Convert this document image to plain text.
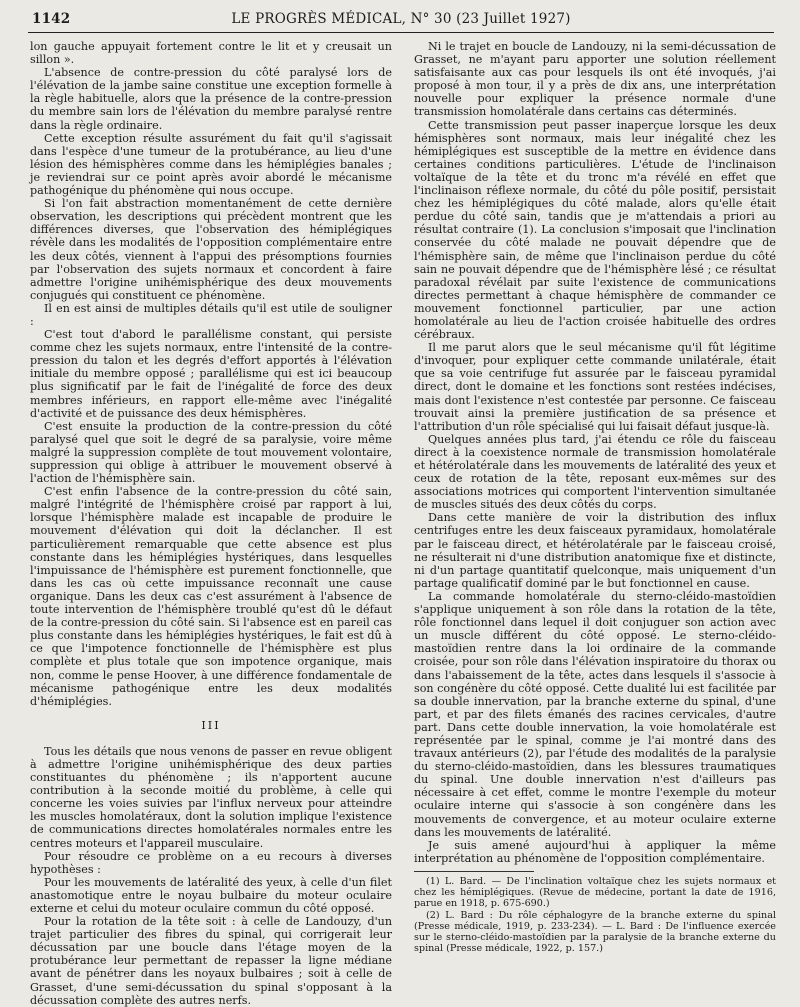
1142	LE PROGRÈS MÉDICAL, N° 30 (23 Juillet 1927)

lon gauche appuyait fortement contre le lit et y creusait un sillon ».

L'absence de contre-pression du côté paralysé lors de l'élévation de la jambe saine constitue une exception formelle à la règle habituelle, alors que la présence de la contre-pression du membre sain lors de l'élévation du membre paralysé rentre dans la règle ordinaire.

Cette exception résulte assurément du fait qu'il s'agissait dans l'espèce d'une tumeur de la protubérance, au lieu d'une lésion des hémisphères comme dans les hémiplégies banales ; je reviendrai sur ce point après avoir abordé le mécanisme pathogénique du phénomène qui nous occupe.

Si l'on fait abstraction momentanément de cette dernière observation, les descriptions qui précèdent montrent que les différences diverses, que l'observation des hémiplégiques révèle dans les modalités de l'opposition complémentaire entre les deux côtés, viennent à l'appui des présomptions fournies par l'observation des sujets normaux et concordent à faire admettre l'origine unihémisphérique des deux mouvements conjugués qui constituent ce phénomène.

Il en est ainsi de multiples détails qu'il est utile de souligner :

C'est tout d'abord le parallélisme constant, qui persiste comme chez les sujets normaux, entre l'intensité de la contre-pression du talon et les degrés d'effort apportés à l'élévation initiale du membre opposé ; parallélisme qui est ici beaucoup plus significatif par le fait de l'inégalité de force des deux membres inférieurs, en rapport elle-même avec l'inégalité d'activité et de puissance des deux hémisphères.

C'est ensuite la production de la contre-pression du côté paralysé quel que soit le degré de sa paralysie, voire même malgré la suppression complète de tout mouvement volontaire, suppression qui oblige à attribuer le mouvement observé à l'action de l'hémisphère sain.

C'est enfin l'absence de la contre-pression du côté sain, malgré l'intégrité de l'hémisphère croisé par rapport à lui, lorsque l'hémisphère malade est incapable de produire le mouvement d'élévation qui doit la déclancher. Il est particulièrement remarquable que cette absence est plus constante dans les hémiplégies hystériques, dans lesquelles l'impuissance de l'hémisphère est purement fonctionnelle, que dans les cas où cette impuissance reconnaît une cause organique. Dans les deux cas c'est assurément à l'absence de toute intervention de l'hémisphère troublé qu'est dû le défaut de la contre-pression du côté sain. Si l'absence est en pareil cas plus constante dans les hémiplégies hystériques, le fait est dû à ce que l'impotence fonctionnelle de l'hémisphère est plus complète et plus totale que son impotence organique, mais non, comme le pense Hoover, à une différence fondamentale de mécanisme pathogénique entre les deux modalités d'hémiplégies.

III

Tous les détails que nous venons de passer en revue obligent à admettre l'origine unihémisphérique des deux parties constituantes du phénomène ; ils n'apportent aucune contribution à la seconde moitié du problème, à celle qui concerne les voies suivies par l'influx nerveux pour atteindre les muscles homolatéraux, dont la solution implique l'existence de communications directes homolatérales normales entre les centres moteurs et l'appareil musculaire.

Pour résoudre ce problème on a eu recours à diverses hypothèses :

Pour les mouvements de latéralité des yeux, à celle d'un filet anastomotique entre le noyau bulbaire du moteur oculaire externe et celui du moteur oculaire commun du côté opposé.

Pour la rotation de la tête soit : à celle de Landouzy, d'un trajet particulier des fibres du spinal, qui corrigerait leur décussation par une boucle dans l'étage moyen de la protubérance leur permettant de repasser la ligne médiane avant de pénétrer dans les noyaux bulbaires ; soit à celle de Grasset, d'une semi-décussation du spinal s'opposant à la décussation complète des autres nerfs.

Ni le trajet en boucle de Landouzy, ni la semi-décussation de Grasset, ne m'ayant paru apporter une solution réellement satisfaisante aux cas pour lesquels ils ont été invoqués, j'ai proposé à mon tour, il y a près de dix ans, une interprétation nouvelle pour expliquer la présence normale d'une transmission homolatérale dans certains cas déterminés.

Cette transmission peut passer inaperçue lorsque les deux hémisphères sont normaux, mais leur inégalité chez les hémiplégiques est susceptible de la mettre en évidence dans certaines conditions particulières. L'étude de l'inclinaison voltaïque de la tête et du tronc m'a révélé en effet que l'inclinaison réflexe normale, du côté du pôle positif, persistait chez les hémiplégiques du côté malade, alors qu'elle était perdue du côté sain, tandis que je m'attendais a priori au résultat contraire (1). La conclusion s'imposait que l'inclination conservée du côté malade ne pouvait dépendre que de l'hémisphère sain, de même que l'inclinaison perdue du côté sain ne pouvait dépendre que de l'hémisphère lésé ; ce résultat paradoxal révélait par suite l'existence de communications directes permettant à chaque hémisphère de commander ce mouvement fonctionnel particulier, par une action homolatérale au lieu de l'action croisée habituelle des ordres cérébraux.

Il me parut alors que le seul mécanisme qu'il fût légitime d'invoquer, pour expliquer cette commande unilatérale, était que sa voie centrifuge fut assurée par le faisceau pyramidal direct, dont le domaine et les fonctions sont restées indécises, mais dont l'existence n'est contestée par personne. Ce faisceau trouvait ainsi la première justification de sa présence et l'attribution d'un rôle spécialisé qui lui faisait défaut jusque-là.

Quelques années plus tard, j'ai étendu ce rôle du faisceau direct à la coexistence normale de transmission homolatérale et hétérolatérale dans les mouvements de latéralité des yeux et ceux de rotation de la tête, reposant eux-mêmes sur des associations motrices qui comportent l'intervention simultanée de muscles situés des deux côtés du corps.

Dans cette manière de voir la distribution des influx centrifuges entre les deux faisceaux pyramidaux, homolatérale par le faisceau direct, et hétérolatérale par le faisceau croisé, ne résulterait ni d'une distribution anatomique fixe et distincte, ni d'un partage quantitatif quelconque, mais uniquement d'un partage qualificatif dominé par le but fonctionnel en cause.

La commande homolatérale du sterno-cléido-mastoïdien s'applique uniquement à son rôle dans la rotation de la tête, rôle fonctionnel dans lequel il doit conjuguer son action avec un muscle différent du côté opposé. Le sterno-cléido-mastoïdien rentre dans la loi ordinaire de la commande croisée, pour son rôle dans l'élévation inspiratoire du thorax ou dans l'abaissement de la tête, actes dans lesquels il s'associe à son congénère du côté opposé. Cette dualité lui est facilitée par sa double innervation, par la branche externe du spinal, d'une part, et par des filets émanés des racines cervicales, d'autre part. Dans cette double innervation, la voie homolatérale est représentée par le spinal, comme je l'ai montré dans des travaux antérieurs (2), par l'étude des modalités de la paralysie du sterno-cléido-mastoïdien, dans les blessures traumatiques du spinal. Une double innervation n'est d'ailleurs pas nécessaire à cet effet, comme le montre l'exemple du moteur oculaire interne qui s'associe à son congénère dans les mouvements de convergence, et au moteur oculaire externe dans les mouvements de latéralité.

Je suis amené aujourd'hui à appliquer la même interprétation au phénomène de l'opposition complémentaire.

(1) L. Bard. — De l'inclination voltaïque chez les sujets normaux et chez les hémiplégiques. (Revue de médecine, portant la date de 1916, parue en 1918, p. 675-690.)

(2) L. Bard : Du rôle céphalogyre de la branche externe du spinal (Presse médicale, 1919, p. 233-234). — L. Bard : De l'influence exercée sur le sterno-cléido-mastoïdien par la paralysie de la branche externe du spinal (Presse médicale, 1922, p. 157.)
